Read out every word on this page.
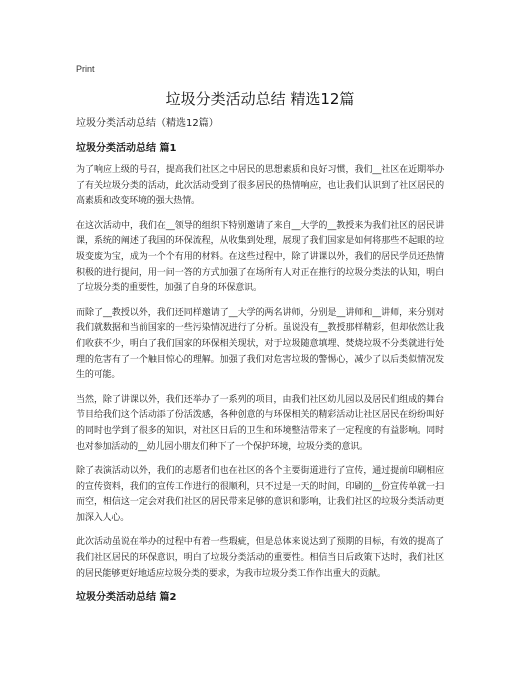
Print
垃圾分类活动总结 精选12篇

垃圾分类活动总结（精选12篇）

垃圾分类活动总结 篇1

为了响应上级的号召，提高我们社区之中居民的思想素质和良好习惯，我们__社区在近期举办了有关垃圾分类的活动，此次活动受到了很多居民的热情响应，也让我们认识到了社区居民的高素质和改变环境的强大热情。

在这次活动中，我们在__领导的组织下特别邀请了来自__大学的__教授来为我们社区的居民讲课，系统的阐述了我国的环保流程，从收集到处理，展现了我们国家是如何将那些不起眼的垃圾变废为宝，成为一个个有用的材料。在这些过程中，除了讲课以外，我们的居民学员还热情积极的进行提问，用一问一答的方式加强了在场所有人对正在推行的垃圾分类法的认知，明白了垃圾分类的重要性，加强了自身的环保意识。

而除了__教授以外，我们还同样邀请了__大学的两名讲师，分别是__讲师和__讲师，来分别对我们就数据和当前国家的一些污染情况进行了分析。虽说没有__教授那样精彩，但却依然让我们收获不少，明白了我们国家的环保相关现状，对于垃圾随意填埋、焚烧垃圾不分类就进行处理的危害有了一个触目惊心的理解。加强了我们对危害垃圾的警惕心，减少了以后类似情况发生的可能。

当然，除了讲课以外，我们还举办了一系列的项目，由我们社区幼儿园以及居民们组成的舞台节目给我们这个活动添了份活泼感，各种创意的与环保相关的精彩活动让社区居民在纷纷叫好的同时也学到了很多的知识，对社区日后的卫生和环境整洁带来了一定程度的有益影响。同时也对参加活动的__幼儿园小朋友们种下了一个保护环境，垃圾分类的意识。

除了表演活动以外，我们的志愿者们也在社区的各个主要街道进行了宣传，通过提前印刷相应的宣传资料，我们的宣传工作进行的很顺利，只不过是一天的时间，印刷的__份宣传单就一扫而空，相信这一定会对我们社区的居民带来足够的意识和影响，让我们社区的垃圾分类活动更加深入人心。

此次活动虽说在举办的过程中有着一些瑕疵，但是总体来说达到了预期的目标，有效的提高了我们社区居民的环保意识，明白了垃圾分类活动的重要性。相信当日后政策下达时，我们社区的居民能够更好地适应垃圾分类的要求，为我市垃圾分类工作作出重大的贡献。

垃圾分类活动总结 篇2
